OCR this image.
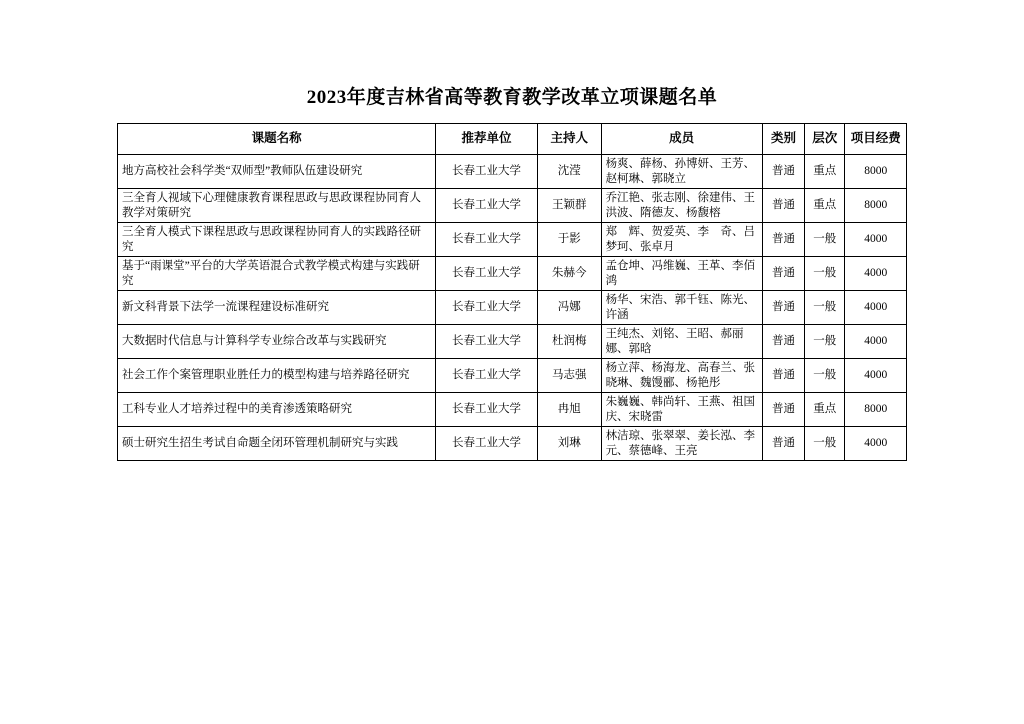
2023年度吉林省高等教育教学改革立项课题名单
课题名称	推荐单位	主持人	成员	类别	层次	项目经费
地方高校社会科学类“双师型”教师队伍建设研究	长春工业大学	沈滢	杨爽、薛杨、孙博妍、王芳、赵柯琳、郭晓立	普通	重点	8000
三全育人视域下心理健康教育课程思政与思政课程协同育人教学对策研究	长春工业大学	王颖群	乔江艳、张志刚、徐建伟、王洪波、隋德友、杨馥榕	普通	重点	8000
三全育人模式下课程思政与思政课程协同育人的实践路径研究	长春工业大学	于影	郑　辉、贺爱英、李　奇、吕梦珂、张卓月	普通	一般	4000
基于“雨课堂”平台的大学英语混合式教学模式构建与实践研究	长春工业大学	朱赫今	孟仓坤、冯维巍、王革、李佰鸿	普通	一般	4000
新文科背景下法学一流课程建设标准研究	长春工业大学	冯娜	杨华、宋浩、郭千钰、陈光、许涵	普通	一般	4000
大数据时代信息与计算科学专业综合改革与实践研究	长春工业大学	杜润梅	王纯杰、刘铭、王昭、郝丽娜、郭晗	普通	一般	4000
社会工作个案管理职业胜任力的模型构建与培养路径研究	长春工业大学	马志强	杨立萍、杨海龙、高春兰、张晓琳、魏馒郦、杨艳彤	普通	一般	4000
工科专业人才培养过程中的美育渗透策略研究	长春工业大学	冉旭	朱巍巍、韩尚轩、王燕、祖国庆、宋晓雷	普通	重点	8000
硕士研究生招生考试自命题全闭环管理机制研究与实践	长春工业大学	刘琳	林洁琼、张翠翠、姜长泓、李元、蔡德峰、王亮	普通	一般	4000
